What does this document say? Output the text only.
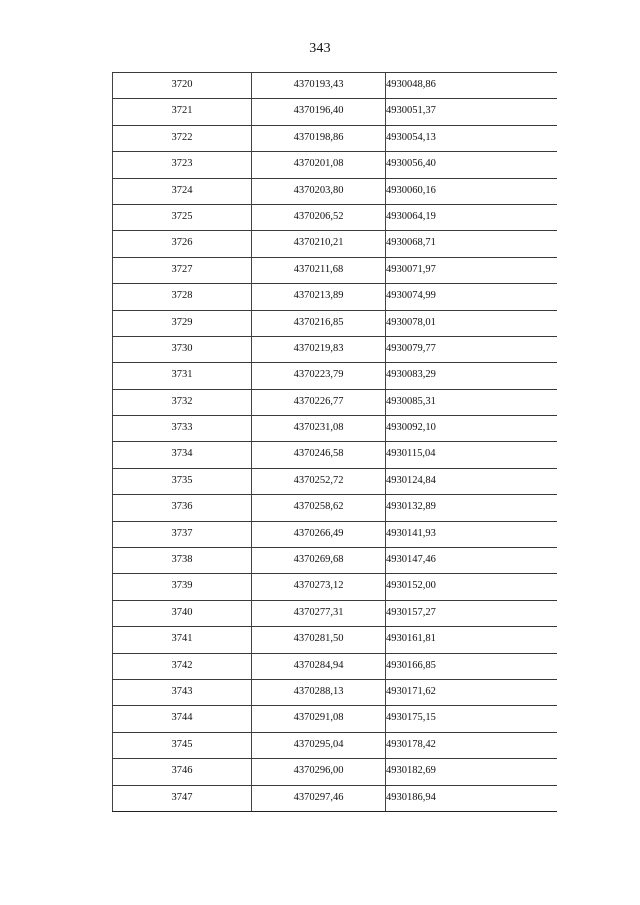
343
3720	4370193,43	4930048,86
3721	4370196,40	4930051,37
3722	4370198,86	4930054,13
3723	4370201,08	4930056,40
3724	4370203,80	4930060,16
3725	4370206,52	4930064,19
3726	4370210,21	4930068,71
3727	4370211,68	4930071,97
3728	4370213,89	4930074,99
3729	4370216,85	4930078,01
3730	4370219,83	4930079,77
3731	4370223,79	4930083,29
3732	4370226,77	4930085,31
3733	4370231,08	4930092,10
3734	4370246,58	4930115,04
3735	4370252,72	4930124,84
3736	4370258,62	4930132,89
3737	4370266,49	4930141,93
3738	4370269,68	4930147,46
3739	4370273,12	4930152,00
3740	4370277,31	4930157,27
3741	4370281,50	4930161,81
3742	4370284,94	4930166,85
3743	4370288,13	4930171,62
3744	4370291,08	4930175,15
3745	4370295,04	4930178,42
3746	4370296,00	4930182,69
3747	4370297,46	4930186,94
